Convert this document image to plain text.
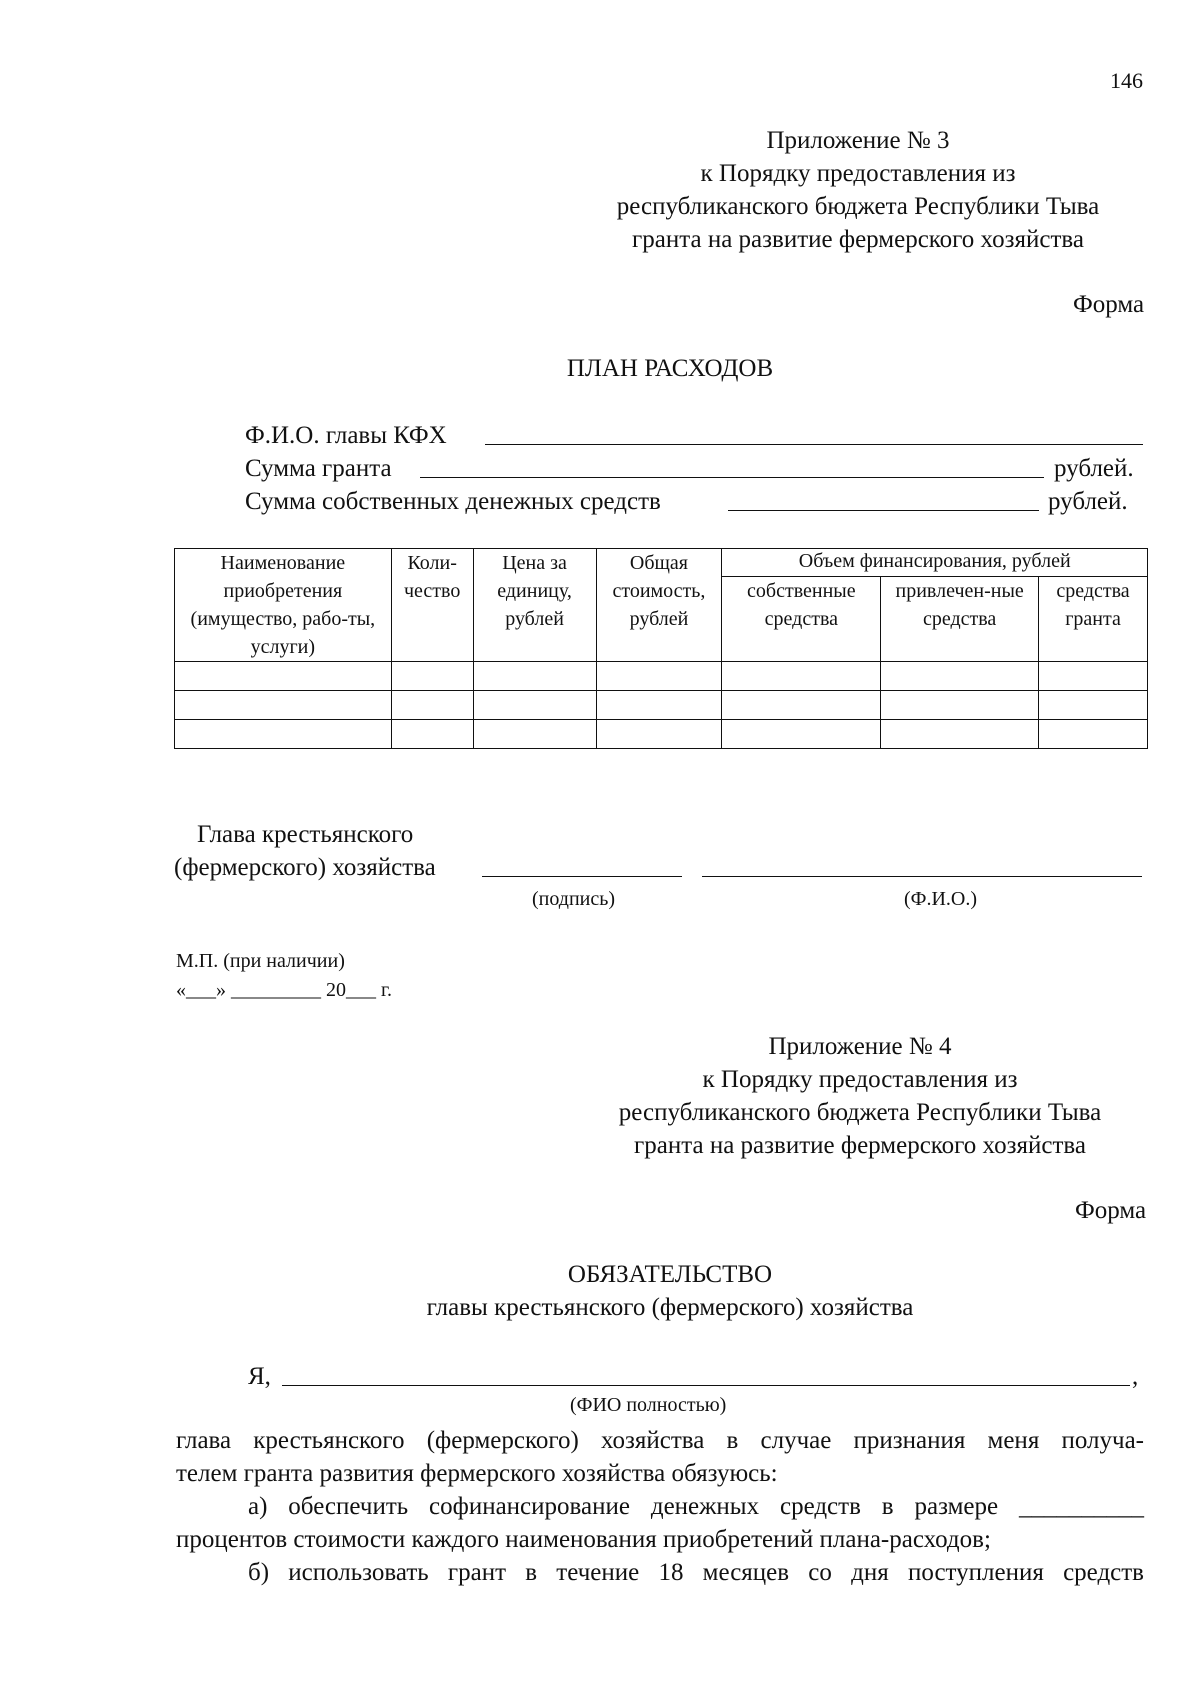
146
Приложение № 3
к Порядку предоставления из
республиканского бюджета Республики Тыва
гранта на развитие фермерского хозяйства
Форма
ПЛАН РАСХОДОВ
Ф.И.О. главы КФХ
Сумма гранта	рублей.
Сумма собственных денежных средств	рублей.
Наименование приобретения (имущество, рабо-ты, услуги)	Коли-чество	Цена за единицу, рублей	Общая стоимость, рублей	Объем финансирования, рублей		
				собственные средства	привлечен-ные средства	средства гранта

Глава крестьянского
(фермерского) хозяйства
(подпись)	(Ф.И.О.)
М.П. (при наличии)
«___» _________ 20___ г.
Приложение № 4
к Порядку предоставления из
республиканского бюджета Республики Тыва
гранта на развитие фермерского хозяйства
Форма
ОБЯЗАТЕЛЬСТВО
главы крестьянского (фермерского) хозяйства
Я,	,
(ФИО полностью)
глава крестьянского (фермерского) хозяйства в случае признания меня получа-
телем гранта развития фермерского хозяйства обязуюсь:
а) обеспечить софинансирование денежных средств в размере __________
процентов стоимости каждого наименования приобретений плана-расходов;
б) использовать грант в течение 18 месяцев со дня поступления средств
